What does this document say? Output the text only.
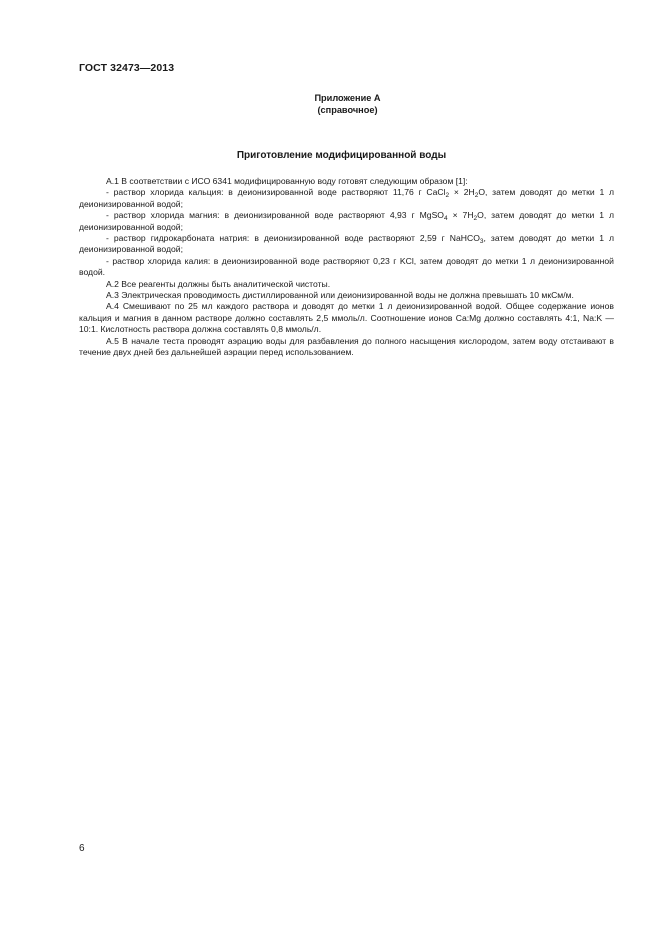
ГОСТ 32473—2013
Приложение А
(справочное)
Приготовление модифицированной воды

А.1 В соответствии с ИСО 6341 модифицированную воду готовят следующим образом [1]:

- раствор хлорида кальция: в деионизированной воде растворяют 11,76 г CaCl$_2$ × $2H_2O$, затем доводят до метки 1 л деионизированной водой;

- раствор хлорида магния: в деионизированной воде растворяют 4,93 г MgSO$_4$ × $7H_2O$, затем доводят до метки 1 л деионизированной водой;

- раствор гидрокарбоната натрия: в деионизированной воде растворяют 2,59 г NaHCO$_3$, затем доводят до метки 1 л деионизированной водой;

- раствор хлорида калия: в деионизированной воде растворяют 0,23 г KCl, затем доводят до метки 1 л деионизированной водой.

А.2 Все реагенты должны быть аналитической чистоты.

А.3 Электрическая проводимость дистиллированной или деионизированной воды не должна превышать 10 мкСм/м.

А.4 Смешивают по 25 мл каждого раствора и доводят до метки 1 л деионизированной водой. Общее содержание ионов кальция и магния в данном растворе должно составлять 2,5 ммоль/л. Соотношение ионов Ca:Mg должно составлять 4:1, Na:K — 10:1. Кислотность раствора должна составлять 0,8 ммоль/л.

А.5 В начале теста проводят аэрацию воды для разбавления до полного насыщения кислородом, затем воду отстаивают в течение двух дней без дальнейшей аэрации перед использованием.

6
